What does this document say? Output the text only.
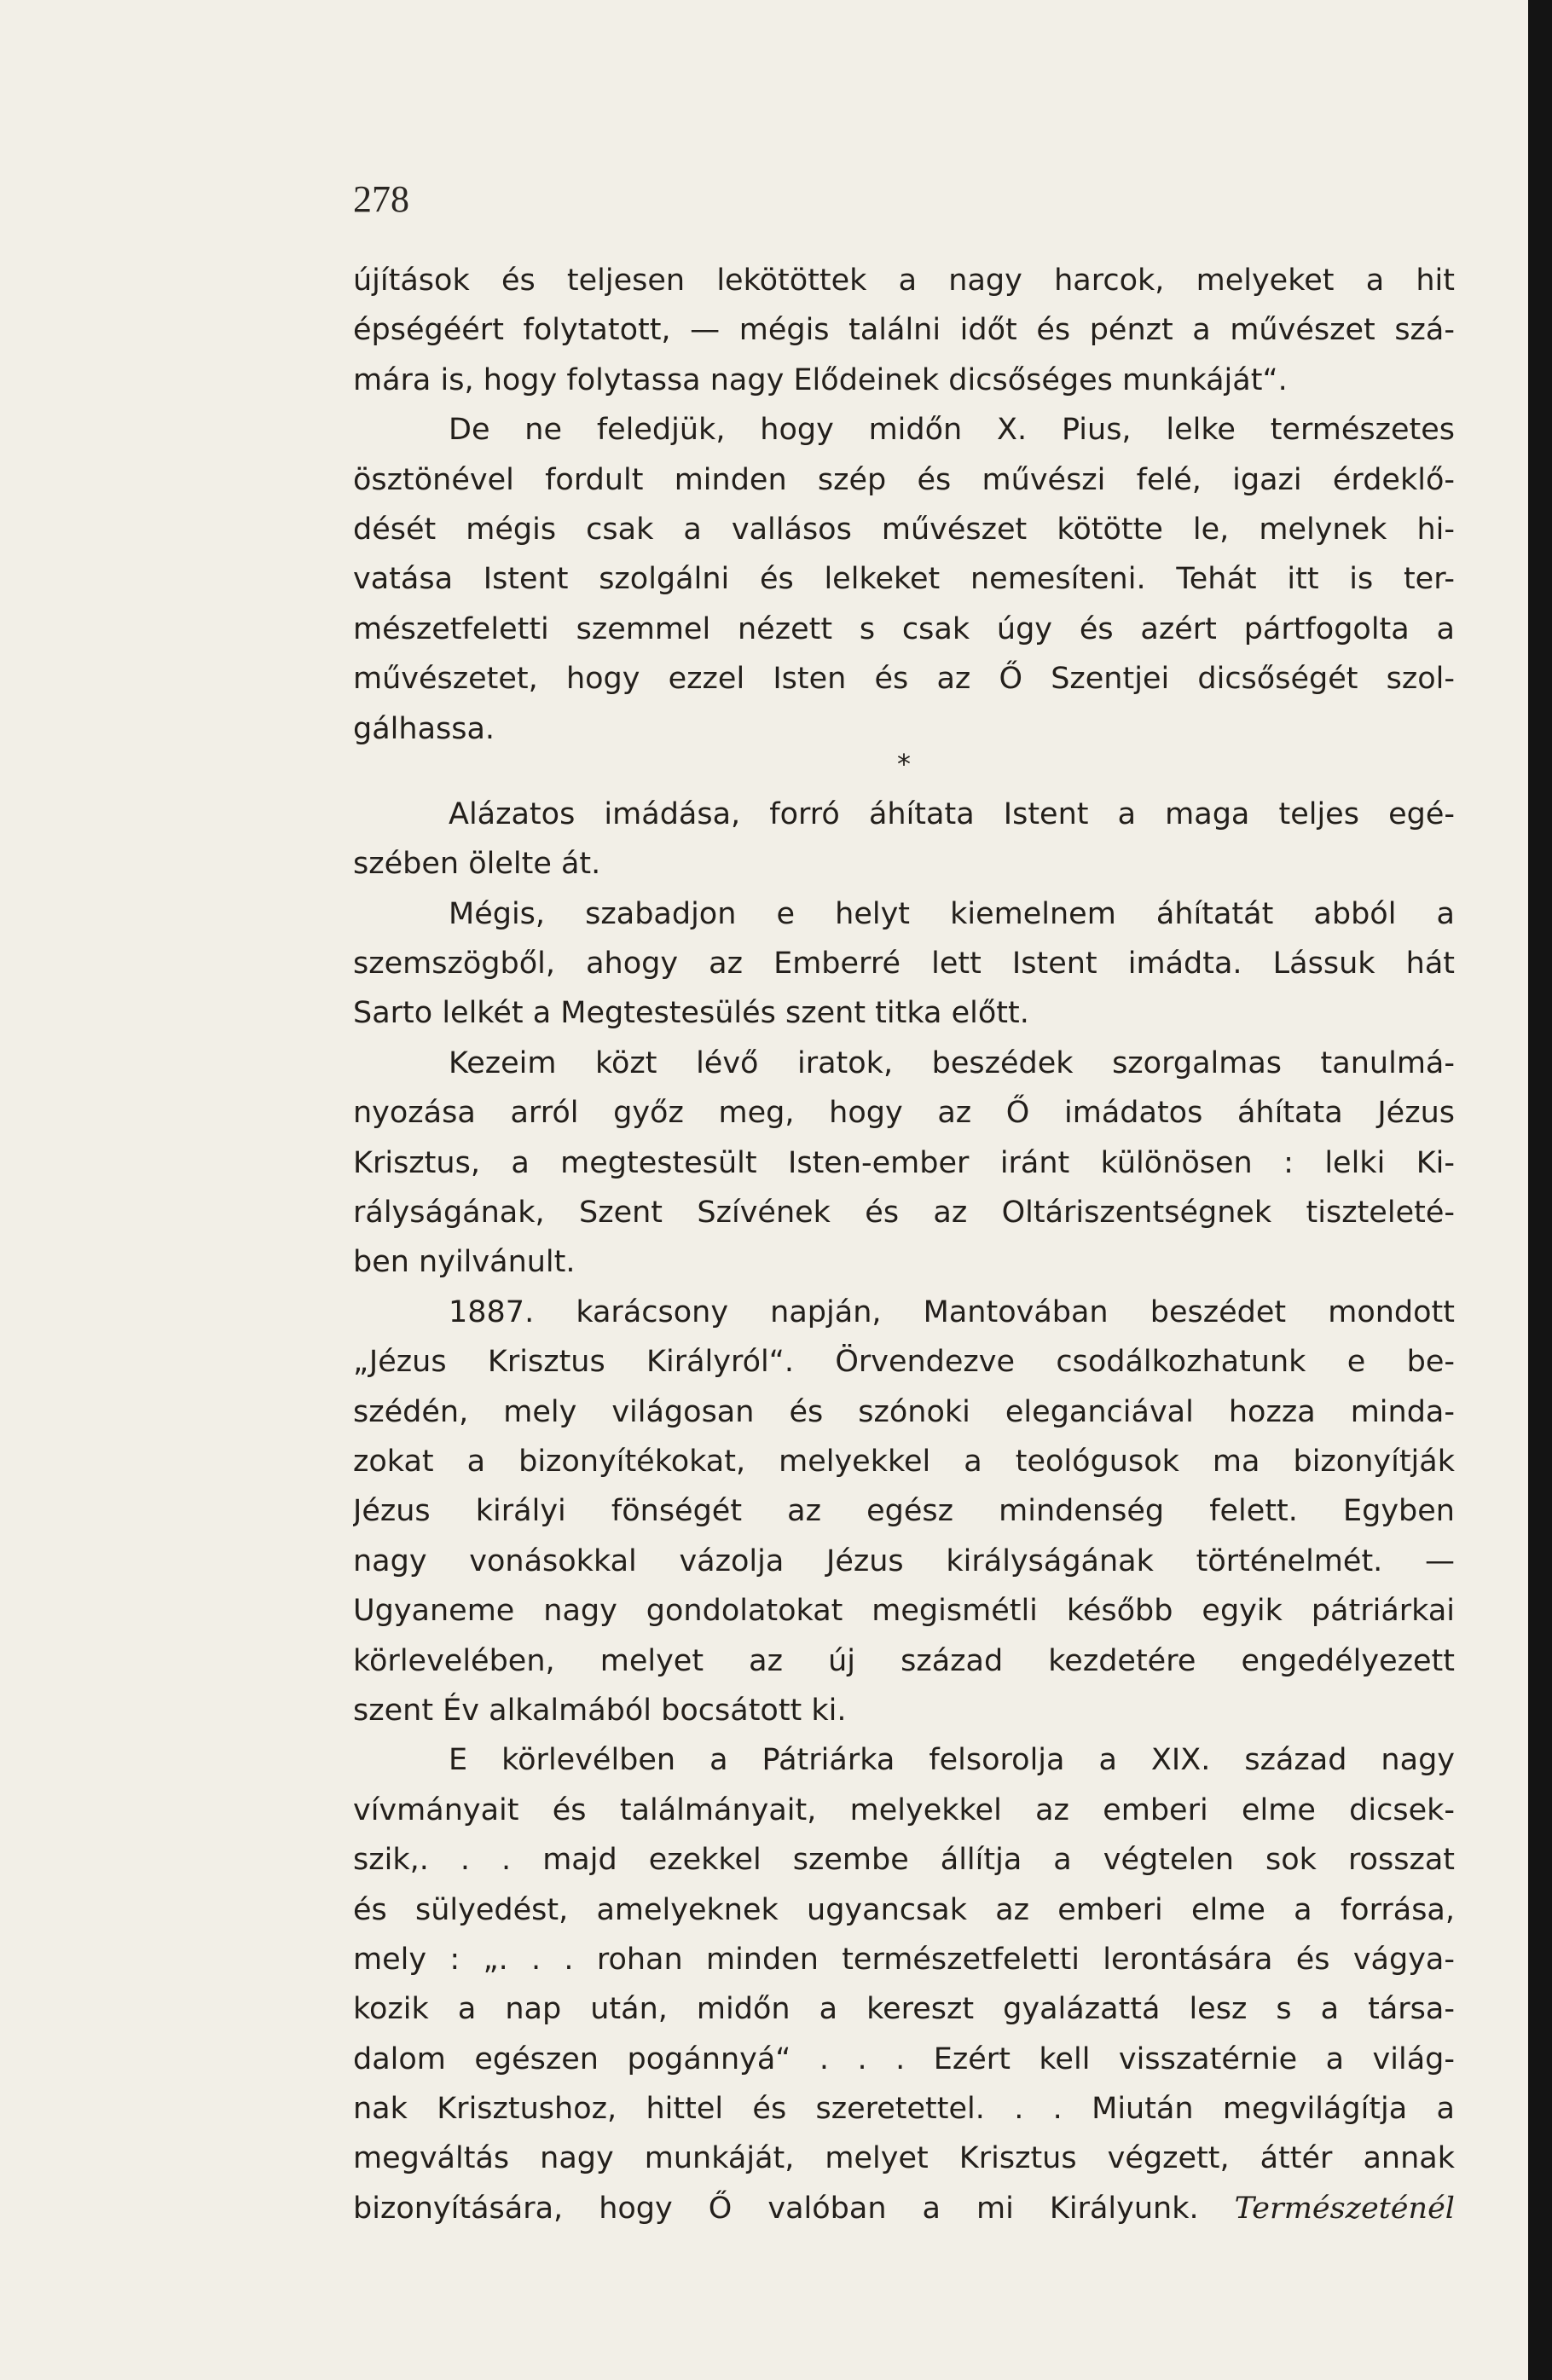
278
újítások és teljesen lekötöttek a nagy harcok, melyeket a hit
épségéért folytatott, — mégis találni időt és pénzt a művészet szá-
mára is, hogy folytassa nagy Elődeinek dicsőséges munkáját“.
De ne feledjük, hogy midőn X. Pius, lelke természetes
ösztönével fordult minden szép és művészi felé, igazi érdeklő-
dését mégis csak a vallásos művészet kötötte le, melynek hi-
vatása Istent szolgálni és lelkeket nemesíteni. Tehát itt is ter-
mészetfeletti szemmel nézett s csak úgy és azért pártfogolta a
művészetet, hogy ezzel Isten és az Ő Szentjei dicsőségét szol-
gálhassa.
*
Alázatos imádása, forró áhítata Istent a maga teljes egé-
szében ölelte át.
Mégis, szabadjon e helyt kiemelnem áhítatát abból a
szemszögből, ahogy az Emberré lett Istent imádta. Lássuk hát
Sarto lelkét a Megtestesülés szent titka előtt.
Kezeim közt lévő iratok, beszédek szorgalmas tanulmá-
nyozása arról győz meg, hogy az Ő imádatos áhítata Jézus
Krisztus, a megtestesült Isten-ember iránt különösen : lelki Ki-
rályságának, Szent Szívének és az Oltáriszentségnek tiszteleté-
ben nyilvánult.
1887. karácsony napján, Mantovában beszédet mondott
„Jézus Krisztus Királyról“. Örvendezve csodálkozhatunk e be-
szédén, mely világosan és szónoki eleganciával hozza minda-
zokat a bizonyítékokat, melyekkel a teológusok ma bizonyítják
Jézus királyi fönségét az egész mindenség felett. Egyben
nagy vonásokkal vázolja Jézus királyságának történelmét. —
Ugyaneme nagy gondolatokat megismétli később egyik pátriárkai
körlevelében, melyet az új század kezdetére engedélyezett
szent Év alkalmából bocsátott ki.
E körlevélben a Pátriárka felsorolja a XIX. század nagy
vívmányait és találmányait, melyekkel az emberi elme dicsek-
szik,. . . majd ezekkel szembe állítja a végtelen sok rosszat
és sülyedést, amelyeknek ugyancsak az emberi elme a forrása,
mely : „. . . rohan minden természetfeletti lerontására és vágya-
kozik a nap után, midőn a kereszt gyalázattá lesz s a társa-
dalom egészen pogánnyá“ . . . Ezért kell visszatérnie a világ-
nak Krisztushoz, hittel és szeretettel. . . Miután megvilágítja a
megváltás nagy munkáját, melyet Krisztus végzett, áttér annak
bizonyítására, hogy Ő valóban a mi Királyunk. Természeténél
